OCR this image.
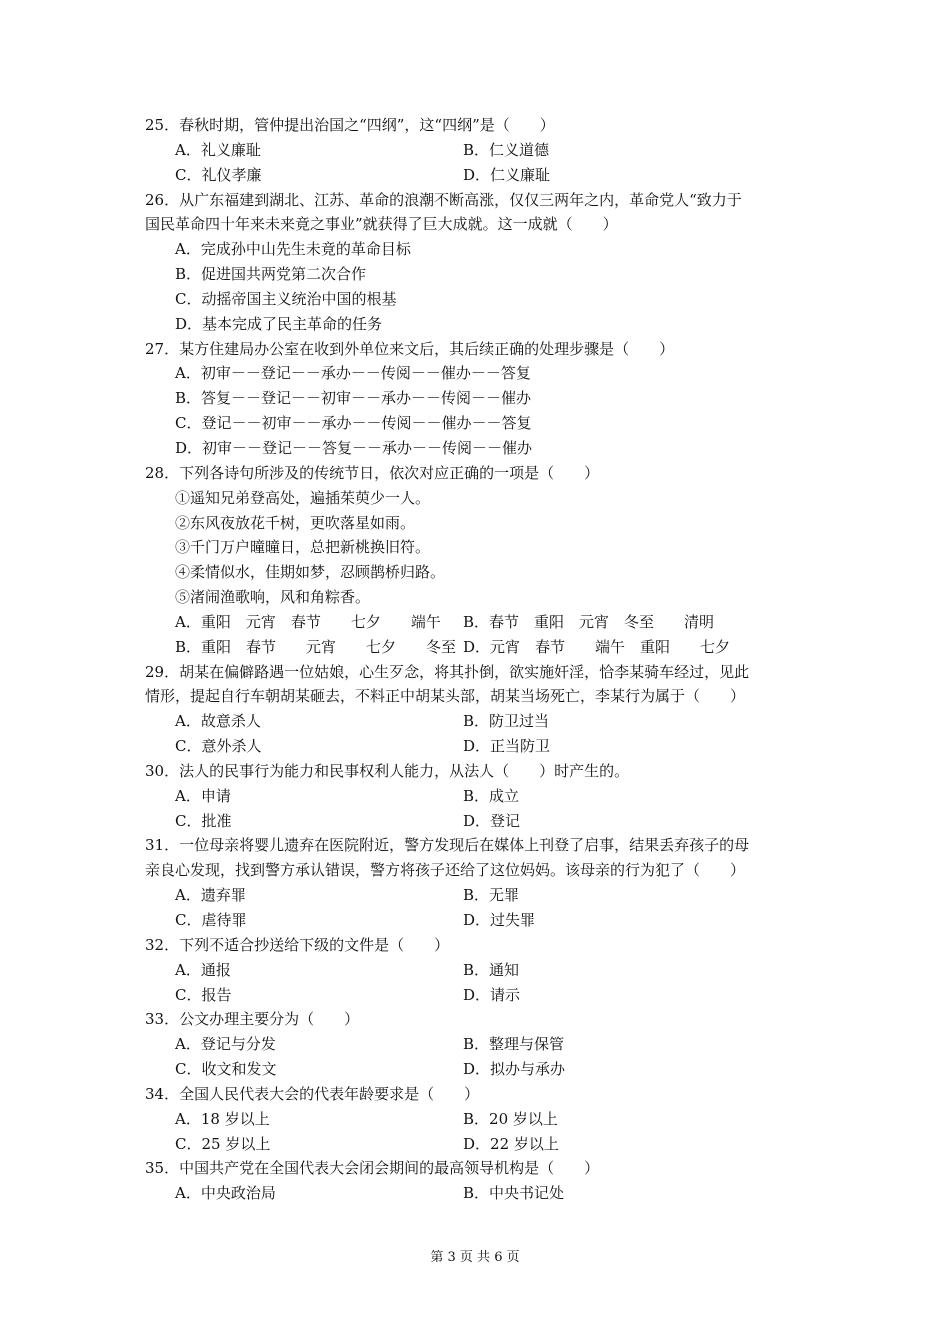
25．春秋时期，管仲提出治国之“四纲”，这“四纲”是（　　）
A．礼义廉耻	B．仁义道德
C．礼仪孝廉	D．仁义廉耻
26．从广东福建到湖北、江苏、革命的浪潮不断高涨，仅仅三两年之内，革命党人“致力于
国民革命四十年来未来竟之事业”就获得了巨大成就。这一成就（　　）
A．完成孙中山先生未竟的革命目标
B．促进国共两党第二次合作
C．动摇帝国主义统治中国的根基
D．基本完成了民主革命的任务
27．某方住建局办公室在收到外单位来文后，其后续正确的处理步骤是（　　）
A．初审－－登记－－承办－－传阅－－催办－－答复
B．答复－－登记－－初审－－承办－－传阅－－催办
C．登记－－初审－－承办－－传阅－－催办－－答复
D．初审－－登记－－答复－－承办－－传阅－－催办
28．下列各诗句所涉及的传统节日，依次对应正确的一项是（　　）
①遥知兄弟登高处，遍插茱萸少一人。
②东风夜放花千树，更吹落星如雨。
③千门万户曈曈日，总把新桃换旧符。
④柔情似水，佳期如梦，忍顾鹊桥归路。
⑤渚闹渔歌响，风和角粽香。
A．重阳　元宵　春节　　七夕　　端午	B．春节　重阳　元宵　冬至　　清明
B．重阳　春节　　元宵　　七夕　　冬至 D．元宵　春节　　端午　重阳　　七夕
29．胡某在偏僻路遇一位姑娘，心生歹念，将其扑倒，欲实施奸淫，恰李某骑车经过，见此
情形，提起自行车朝胡某砸去，不料正中胡某头部，胡某当场死亡，李某行为属于（　　）
A．故意杀人	B．防卫过当
C．意外杀人	D．正当防卫
30．法人的民事行为能力和民事权利人能力，从法人（　　）时产生的。
A．申请	B．成立
C．批准	D．登记
31．一位母亲将婴儿遗弃在医院附近，警方发现后在媒体上刊登了启事，结果丢弃孩子的母
亲良心发现，找到警方承认错误，警方将孩子还给了这位妈妈。该母亲的行为犯了（　　）
A．遗弃罪	B．无罪
C．虐待罪	D．过失罪
32．下列不适合抄送给下级的文件是（　　）
A．通报	B．通知
C．报告	D．请示
33．公文办理主要分为（　　）
A．登记与分发	B．整理与保管
C．收文和发文	D．拟办与承办
34．全国人民代表大会的代表年龄要求是（　　）
A．18 岁以上	B．20 岁以上
C．25 岁以上	D．22 岁以上
35．中国共产党在全国代表大会闭会期间的最高领导机构是（　　）
A．中央政治局	B．中央书记处
第 3 页 共 6 页
